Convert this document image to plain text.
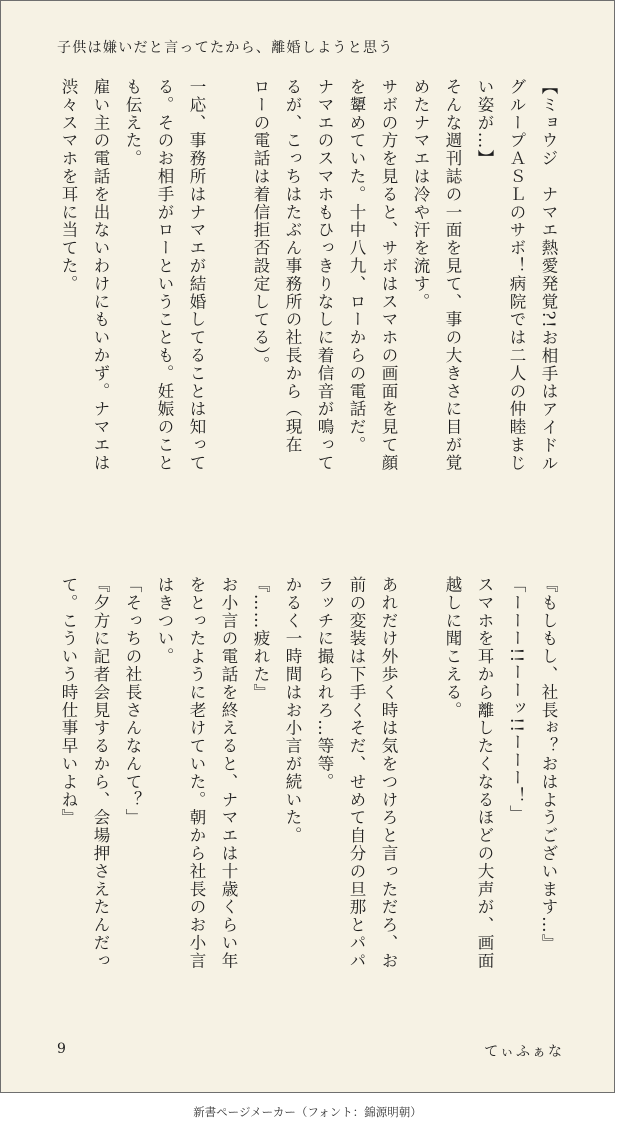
子供は嫌いだと言ってたから、離婚しようと思う
【ミョウジ　ナマエ熱愛発覚?!お相手はアイドル
グループＡＳＬのサボ！病院では二人の仲睦まじ
い姿が…】
そんな週刊誌の一面を見て、事の大きさに目が覚
めたナマエは冷や汗を流す。
サボの方を見ると、サボはスマホの画面を見て顔
を顰めていた。十中八九、ローからの電話だ。
ナマエのスマホもひっきりなしに着信音が鳴って
るが、こっちはたぶん事務所の社長から（現在
ローの電話は着信拒否設定してる）。
一応、事務所はナマエが結婚してることは知って
る。そのお相手がローということも。妊娠のこと
も伝えた。
雇い主の電話を出ないわけにもいかず。ナマエは
渋々スマホを耳に当てた。
『もしもし、社長ぉ？おはようございます…』
「ーーー!!ーーッ!!ーーー！」
スマホを耳から離したくなるほどの大声が、画面
越しに聞こえる。
あれだけ外歩く時は気をつけろと言っただろ、お
前の変装は下手くそだ、せめて自分の旦那とパパ
ラッチに撮られろ…等等。
かるく一時間はお小言が続いた。
『……疲れた』
お小言の電話を終えると、ナマエは十歳くらい年
をとったように老けていた。朝から社長のお小言
はきつい。
「そっちの社長さんなんて？」
『夕方に記者会見するから、会場押さえたんだっ
て。こういう時仕事早いよね』
9	てぃふぁな
新書ページメーカー（フォント：錦源明朝）
